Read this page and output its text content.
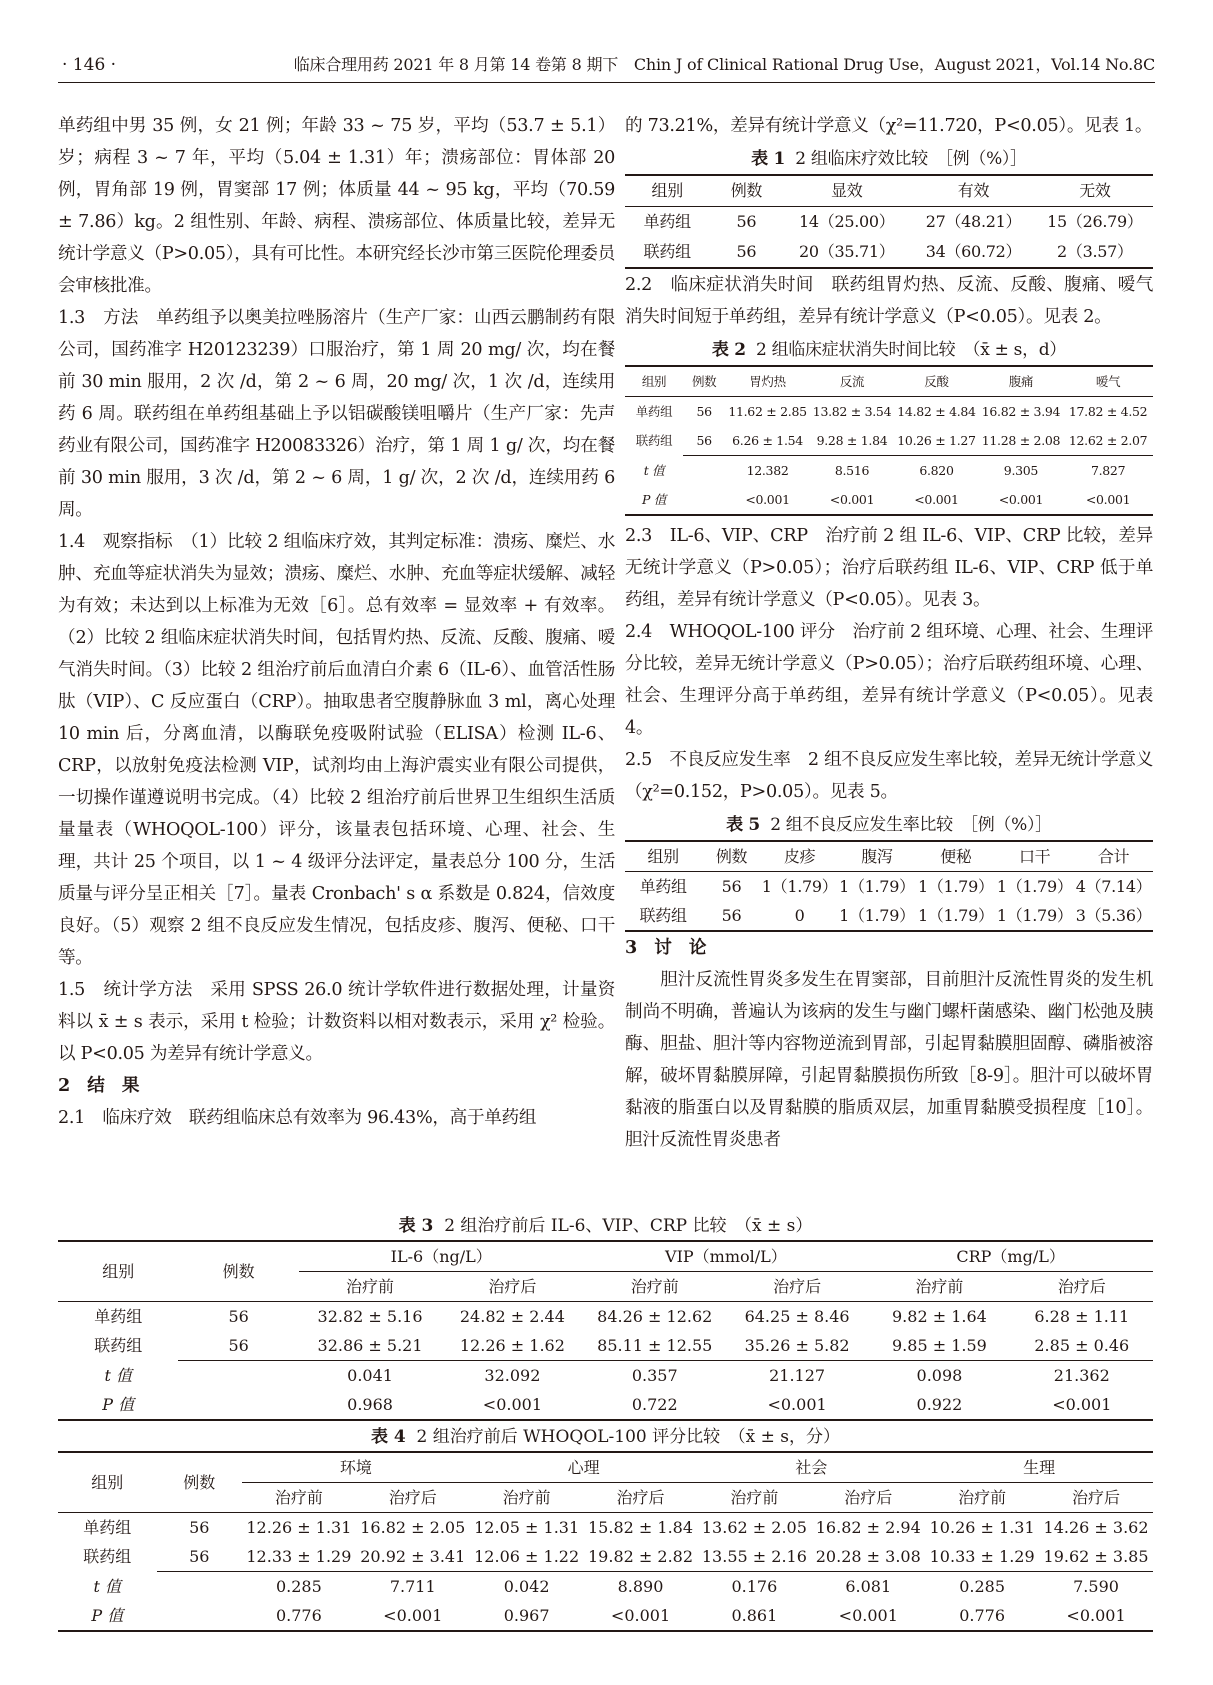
· 146 ·	临床合理用药 2021 年 8 月第 14 卷第 8 期下　Chin J of Clinical Rational Drug Use，August 2021，Vol.14 No.8C

单药组中男 35 例，女 21 例；年龄 33 ~ 75 岁，平均（53.7 ± 5.1）岁；病程 3 ~ 7 年，平均（5.04 ± 1.31）年；溃疡部位：胃体部 20 例，胃角部 19 例，胃窦部 17 例；体质量 44 ~ 95 kg，平均（70.59 ± 7.86）kg。2 组性别、年龄、病程、溃疡部位、体质量比较，差异无统计学意义（P>0.05），具有可比性。本研究经长沙市第三医院伦理委员会审核批准。

1.3　方法　单药组予以奥美拉唑肠溶片（生产厂家：山西云鹏制药有限公司，国药准字 H20123239）口服治疗，第 1 周 20 mg/ 次，均在餐前 30 min 服用，2 次 /d，第 2 ~ 6 周，20 mg/ 次，1 次 /d，连续用药 6 周。联药组在单药组基础上予以铝碳酸镁咀嚼片（生产厂家：先声药业有限公司，国药准字 H20083326）治疗，第 1 周 1 g/ 次，均在餐前 30 min 服用，3 次 /d，第 2 ~ 6 周，1 g/ 次，2 次 /d，连续用药 6 周。

1.4　观察指标　（1）比较 2 组临床疗效，其判定标准：溃疡、糜烂、水肿、充血等症状消失为显效；溃疡、糜烂、水肿、充血等症状缓解、减轻为有效；未达到以上标准为无效［6］。总有效率 = 显效率 + 有效率。（2）比较 2 组临床症状消失时间，包括胃灼热、反流、反酸、腹痛、嗳气消失时间。（3）比较 2 组治疗前后血清白介素 6（IL-6）、血管活性肠肽（VIP）、C 反应蛋白（CRP）。抽取患者空腹静脉血 3 ml，离心处理 10 min 后，分离血清，以酶联免疫吸附试验（ELISA）检测 IL-6、CRP，以放射免疫法检测 VIP，试剂均由上海沪震实业有限公司提供，一切操作谨遵说明书完成。（4）比较 2 组治疗前后世界卫生组织生活质量量表（WHOQOL-100）评分，该量表包括环境、心理、社会、生理，共计 25 个项目，以 1 ~ 4 级评分法评定，量表总分 100 分，生活质量与评分呈正相关［7］。量表 Cronbach' s α 系数是 0.824，信效度良好。（5）观察 2 组不良反应发生情况，包括皮疹、腹泻、便秘、口干等。

1.5　统计学方法　采用 SPSS 26.0 统计学软件进行数据处理，计量资料以 x̄ ± s 表示，采用 t 检验；计数资料以相对数表示，采用 χ² 检验。以 P<0.05 为差异有统计学意义。

2　结　果

2.1　临床疗效　联药组临床总有效率为 96.43%，高于单药组

的 73.21%，差异有统计学意义（χ²=11.720，P<0.05）。见表 1。

表 1 2 组临床疗效比较　［例（%）］

组别	例数	显效	有效	无效
单药组	56	14（25.00）	27（48.21）	15（26.79）
联药组	56	20（35.71）	34（60.72）	2（3.57）

2.2　临床症状消失时间　联药组胃灼热、反流、反酸、腹痛、嗳气消失时间短于单药组，差异有统计学意义（P<0.05）。见表 2。

表 2 2 组临床症状消失时间比较　（x̄ ± s，d）

组别	例数	胃灼热	反流	反酸	腹痛	嗳气
单药组	56	11.62 ± 2.85	13.82 ± 3.54	14.82 ± 4.84	16.82 ± 3.94	17.82 ± 4.52
联药组	56	6.26 ± 1.54	9.28 ± 1.84	10.26 ± 1.27	11.28 ± 2.08	12.62 ± 2.07
t 值		12.382	8.516	6.820	9.305	7.827
P 值		<0.001	<0.001	<0.001	<0.001	<0.001

2.3　IL-6、VIP、CRP　治疗前 2 组 IL-6、VIP、CRP 比较，差异无统计学意义（P>0.05）；治疗后联药组 IL-6、VIP、CRP 低于单药组，差异有统计学意义（P<0.05）。见表 3。

2.4　WHOQOL-100 评分　治疗前 2 组环境、心理、社会、生理评分比较，差异无统计学意义（P>0.05）；治疗后联药组环境、心理、社会、生理评分高于单药组，差异有统计学意义（P<0.05）。见表 4。

2.5　不良反应发生率　2 组不良反应发生率比较，差异无统计学意义（χ²=0.152，P>0.05）。见表 5。

表 5 2 组不良反应发生率比较　［例（%）］

组别	例数	皮疹	腹泻	便秘	口干	合计
单药组	56	1（1.79）	1（1.79）	1（1.79）	1（1.79）	4（7.14）
联药组	56	0	1（1.79）	1（1.79）	1（1.79）	3（5.36）

3　讨　论

胆汁反流性胃炎多发生在胃窦部，目前胆汁反流性胃炎的发生机制尚不明确，普遍认为该病的发生与幽门螺杆菌感染、幽门松弛及胰酶、胆盐、胆汁等内容物逆流到胃部，引起胃黏膜胆固醇、磷脂被溶解，破坏胃黏膜屏障，引起胃黏膜损伤所致［8-9］。胆汁可以破坏胃黏液的脂蛋白以及胃黏膜的脂质双层，加重胃黏膜受损程度［10］。胆汁反流性胃炎患者

表 3 2 组治疗前后 IL-6、VIP、CRP 比较　（x̄ ± s）

组别	例数	IL-6（ng/L）		VIP（mmol/L）		CRP（mg/L）	
		治疗前	治疗后	治疗前	治疗后	治疗前	治疗后
单药组	56	32.82 ± 5.16	24.82 ± 2.44	84.26 ± 12.62	64.25 ± 8.46	9.82 ± 1.64	6.28 ± 1.11
联药组	56	32.86 ± 5.21	12.26 ± 1.62	85.11 ± 12.55	35.26 ± 5.82	9.85 ± 1.59	2.85 ± 0.46
t 值		0.041	32.092	0.357	21.127	0.098	21.362
P 值		0.968	<0.001	0.722	<0.001	0.922	<0.001

表 4 2 组治疗前后 WHOQOL-100 评分比较　（x̄ ± s，分）

组别	例数	环境		心理		社会		生理	
		治疗前	治疗后	治疗前	治疗后	治疗前	治疗后	治疗前	治疗后
单药组	56	12.26 ± 1.31	16.82 ± 2.05	12.05 ± 1.31	15.82 ± 1.84	13.62 ± 2.05	16.82 ± 2.94	10.26 ± 1.31	14.26 ± 3.62
联药组	56	12.33 ± 1.29	20.92 ± 3.41	12.06 ± 1.22	19.82 ± 2.82	13.55 ± 2.16	20.28 ± 3.08	10.33 ± 1.29	19.62 ± 3.85
t 值		0.285	7.711	0.042	8.890	0.176	6.081	0.285	7.590
P 值		0.776	<0.001	0.967	<0.001	0.861	<0.001	0.776	<0.001
